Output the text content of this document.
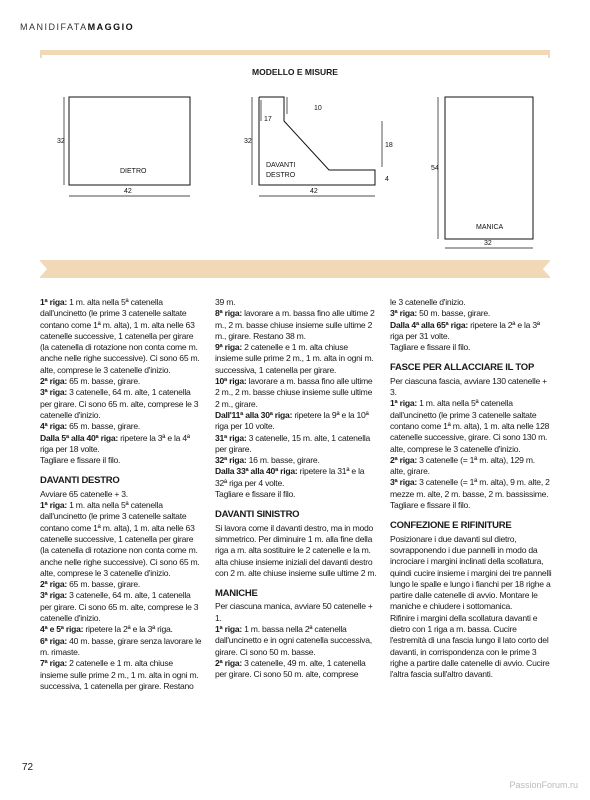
MANIDIFATAMAGGIO
MODELLO E MISURE
32
DIETRO
42
32
17
10
18
4
DAVANTI
DESTRO
42
54
MANICA
32

1ª riga: 1 m. alta nella 5ª catenella dall'uncinetto (le prime 3 catenelle saltate contano come 1ª m. alta), 1 m. alta nelle 63 catenelle successive, 1 catenella per girare (la catenella di rotazione non conta come m. anche nelle righe successive). Ci sono 65 m. alte, comprese le 3 catenelle d'inizio.

2ª riga: 65 m. basse, girare.

3ª riga: 3 catenelle, 64 m. alte, 1 catenella per girare. Ci sono 65 m. alte, comprese le 3 catenelle d'inizio.

4ª riga: 65 m. basse, girare.

Dalla 5ª alla 40ª riga: ripetere la 3ª e la 4ª riga per 18 volte.

Tagliare e fissare il filo.

DAVANTI DESTRO

Avviare 65 catenelle + 3.

1ª riga: 1 m. alta nella 5ª catenella dall'uncinetto (le prime 3 catenelle saltate contano come 1ª m. alta), 1 m. alta nelle 63 catenelle successive, 1 catenella per girare (la catenella di rotazione non conta come m. anche nelle righe successive). Ci sono 65 m. alte, comprese le 3 catenelle d'inizio.

2ª riga: 65 m. basse, girare.

3ª riga: 3 catenelle, 64 m. alte, 1 catenella per girare. Ci sono 65 m. alte, comprese le 3 catenelle d'inizio.

4ª e 5ª riga: ripetere la 2ª e la 3ª riga.

6ª riga: 40 m. basse, girare senza lavorare le m. rimaste.

7ª riga: 2 catenelle e 1 m. alta chiuse insieme sulle prime 2 m., 1 m. alta in ogni m. successiva, 1 catenella per girare. Restano

39 m.

8ª riga: lavorare a m. bassa fino alle ultime 2 m., 2 m. basse chiuse insieme sulle ultime 2 m., girare. Restano 38 m.

9ª riga: 2 catenelle e 1 m. alta chiuse insieme sulle prime 2 m., 1 m. alta in ogni m. successiva, 1 catenella per girare.

10ª riga: lavorare a m. bassa fino alle ultime 2 m., 2 m. basse chiuse insieme sulle ultime 2 m., girare.

Dall'11ª alla 30ª riga: ripetere la 9ª e la 10ª riga per 10 volte.

31ª riga: 3 catenelle, 15 m. alte, 1 catenella per girare.

32ª riga: 16 m. basse, girare.

Dalla 33ª alla 40ª riga: ripetere la 31ª e la 32ª riga per 4 volte.

Tagliare e fissare il filo.

DAVANTI SINISTRO

Si lavora come il davanti destro, ma in modo simmetrico. Per diminuire 1 m. alla fine della riga a m. alta sostituire le 2 catenelle e la m. alta chiuse insieme iniziali del davanti destro con 2 m. alte chiuse insieme sulle ultime 2 m.

MANICHE

Per ciascuna manica, avviare 50 catenelle + 1.

1ª riga: 1 m. bassa nella 2ª catenella dall'uncinetto e in ogni catenella successiva, girare. Ci sono 50 m. basse.

2ª riga: 3 catenelle, 49 m. alte, 1 catenella per girare. Ci sono 50 m. alte, comprese

le 3 catenelle d'inizio.

3ª riga: 50 m. basse, girare.

Dalla 4ª alla 65ª riga: ripetere la 2ª e la 3ª riga per 31 volte.

Tagliare e fissare il filo.

FASCE PER ALLACCIARE IL TOP

Per ciascuna fascia, avviare 130 catenelle + 3.

1ª riga: 1 m. alta nella 5ª catenella dall'uncinetto (le prime 3 catenelle saltate contano come 1ª m. alta), 1 m. alta nelle 128 catenelle successive, girare. Ci sono 130 m. alte, comprese le 3 catenelle d'inizio.

2ª riga: 3 catenelle (= 1ª m. alta), 129 m. alte, girare.

3ª riga: 3 catenelle (= 1ª m. alta), 9 m. alte, 2 mezze m. alte, 2 m. basse, 2 m. bassissime. Tagliare e fissare il filo.

CONFEZIONE E RIFINITURE

Posizionare i due davanti sul dietro, sovrapponendo i due pannelli in modo da incrociare i margini inclinati della scollatura, quindi cucire insieme i margini dei tre pannelli lungo le spalle e lungo i fianchi per 18 righe a partire dalle catenelle di avvio. Montare le maniche e chiudere i sottomanica.

Rifinire i margini della scollatura davanti e dietro con 1 riga a m. bassa. Cucire l'estremità di una fascia lungo il lato corto del davanti, in corrispondenza con le prime 3 righe a partire dalle catenelle di avvio. Cucire l'altra fascia sull'altro davanti.

72
PassionForum.ru
